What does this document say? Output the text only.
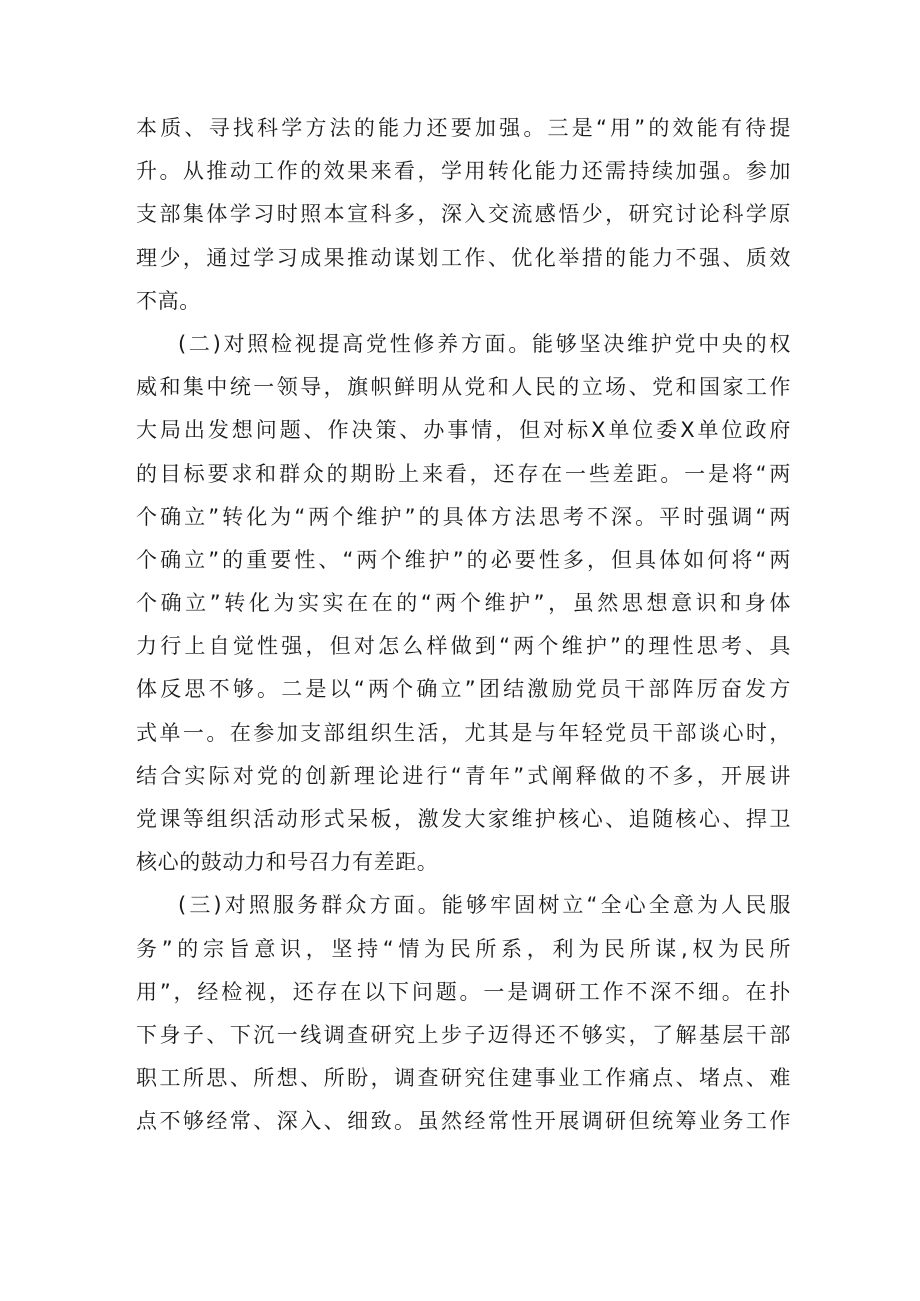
本质、寻找科学方法的能力还要加强。三是“用”的效能有待提
升。从推动工作的效果来看，学用转化能力还需持续加强。参加
支部集体学习时照本宣科多，深入交流感悟少，研究讨论科学原
理少，通过学习成果推动谋划工作、优化举措的能力不强、质效
不高。
(二)对照检视提高党性修养方面。能够坚决维护党中央的权
威和集中统一领导，旗帜鲜明从党和人民的立场、党和国家工作
大局出发想问题、作决策、办事情，但对标X单位委X单位政府
的目标要求和群众的期盼上来看，还存在一些差距。一是将“两
个确立”转化为“两个维护”的具体方法思考不深。平时强调“两
个确立”的重要性、“两个维护”的必要性多，但具体如何将“两
个确立”转化为实实在在的“两个维护”，虽然思想意识和身体
力行上自觉性强，但对怎么样做到“两个维护”的理性思考、具
体反思不够。二是以“两个确立”团结激励党员干部阵厉奋发方
式单一。在参加支部组织生活，尤其是与年轻党员干部谈心时，
结合实际对党的创新理论进行“青年”式阐释做的不多，开展讲
党课等组织活动形式呆板，激发大家维护核心、追随核心、捍卫
核心的鼓动力和号召力有差距。
(三)对照服务群众方面。能够牢固树立“全心全意为人民服
务”的宗旨意识，坚持“情为民所系，利为民所谋,权为民所
用”，经检视，还存在以下问题。一是调研工作不深不细。在扑
下身子、下沉一线调查研究上步子迈得还不够实，了解基层干部
职工所思、所想、所盼，调查研究住建事业工作痛点、堵点、难
点不够经常、深入、细致。虽然经常性开展调研但统筹业务工作
